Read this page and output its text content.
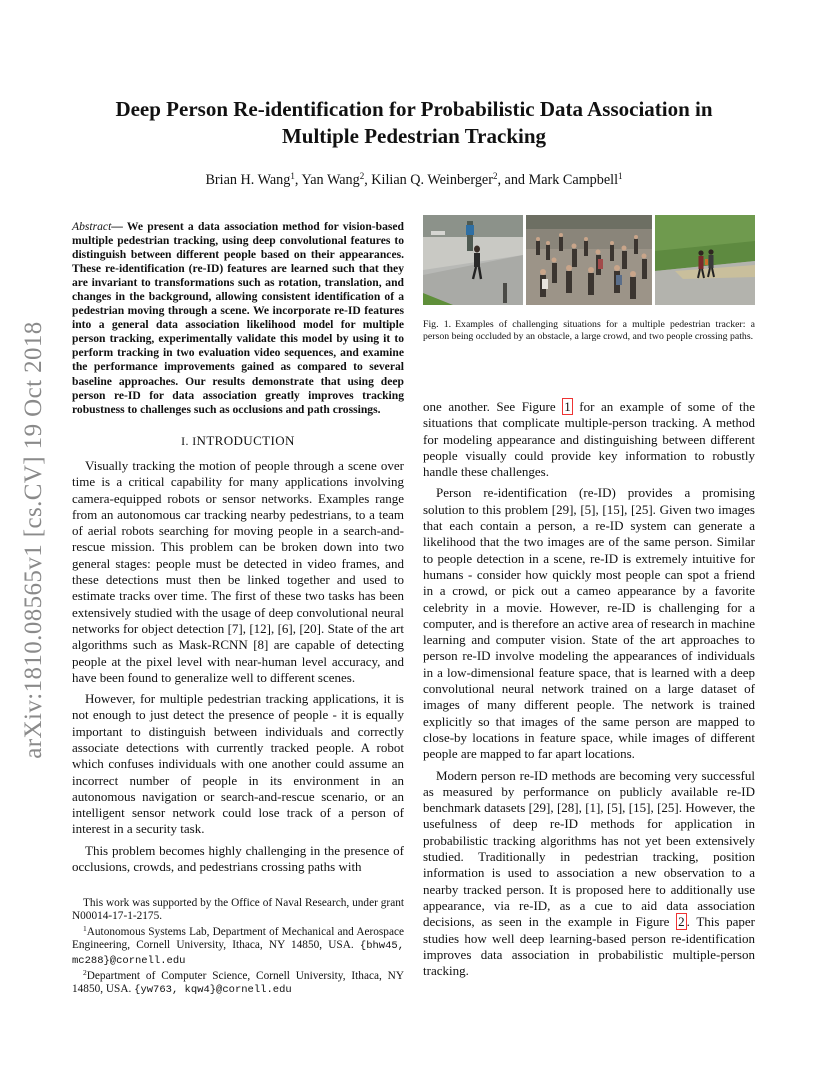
arXiv:1810.08565v1 [cs.CV] 19 Oct 2018
Deep Person Re-identification for Probabilistic Data Association in
Multiple Pedestrian Tracking
Brian H. Wang$^1$, Yan Wang$^2$, Kilian Q. Weinberger$^2$, and Mark Campbell$^1$

Abstract— We present a data association method for vision-based multiple pedestrian tracking, using deep convolutional features to distinguish between different people based on their appearances. These re-identification (re-ID) features are learned such that they are invariant to transformations such as rotation, translation, and changes in the background, allowing consistent identification of a pedestrian moving through a scene. We incorporate re-ID features into a general data association likelihood model for multiple person tracking, experimentally validate this model by using it to perform tracking in two evaluation video sequences, and examine the performance improvements gained as compared to several baseline approaches. Our results demonstrate that using deep person re-ID for data association greatly improves tracking robustness to challenges such as occlusions and path crossings.

I. INTRODUCTION

Visually tracking the motion of people through a scene over time is a critical capability for many applications involving camera-equipped robots or sensor networks. Examples range from an autonomous car tracking nearby pedestrians, to a team of aerial robots searching for moving people in a search-and-rescue mission. This problem can be broken down into two general stages: people must be detected in video frames, and these detections must then be linked together and used to estimate tracks over time. The first of these two tasks has been extensively studied with the usage of deep convolutional neural networks for object detection [7], [12], [6], [20]. State of the art algorithms such as Mask-RCNN [8] are capable of detecting people at the pixel level with near-human level accuracy, and have been found to generalize well to different scenes.

However, for multiple pedestrian tracking applications, it is not enough to just detect the presence of people - it is equally important to distinguish between individuals and correctly associate detections with currently tracked people. A robot which confuses individuals with one another could assume an incorrect number of people in its environment in an autonomous navigation or search-and-rescue scenario, or an intelligent sensor network could lose track of a person of interest in a security task.

This problem becomes highly challenging in the presence of occlusions, crowds, and pedestrians crossing paths with

This work was supported by the Office of Naval Research, under grant N00014-17-1-2175.

$^1$Autonomous Systems Lab, Department of Mechanical and Aerospace Engineering, Cornell University, Ithaca, NY 14850, USA. {bhw45, mc288}@cornell.edu

$^2$Department of Computer Science, Cornell University, Ithaca, NY 14850, USA. {yw763, kqw4}@cornell.edu

Fig. 1. Examples of challenging situations for a multiple pedestrian tracker: a person being occluded by an obstacle, a large crowd, and two people crossing paths.

one another. See Figure 1 for an example of some of the situations that complicate multiple-person tracking. A method for modeling appearance and distinguishing between different people visually could provide key information to robustly handle these challenges.

Person re-identification (re-ID) provides a promising solution to this problem [29], [5], [15], [25]. Given two images that each contain a person, a re-ID system can generate a likelihood that the two images are of the same person. Similar to people detection in a scene, re-ID is extremely intuitive for humans - consider how quickly most people can spot a friend in a crowd, or pick out a cameo appearance by a favorite celebrity in a movie. However, re-ID is challenging for a computer, and is therefore an active area of research in machine learning and computer vision. State of the art approaches to person re-ID involve modeling the appearances of individuals in a low-dimensional feature space, that is learned with a deep convolutional neural network trained on a large dataset of images of many different people. The network is trained explicitly so that images of the same person are mapped to close-by locations in feature space, while images of different people are mapped to far apart locations.

Modern person re-ID methods are becoming very successful as measured by performance on publicly available re-ID benchmark datasets [29], [28], [1], [5], [15], [25]. However, the usefulness of deep re-ID methods for application in probabilistic tracking algorithms has not yet been extensively studied. Traditionally in pedestrian tracking, position information is used to association a new observation to a nearby tracked person. It is proposed here to additionally use appearance, via re-ID, as a cue to aid data association decisions, as seen in the example in Figure 2 . This paper studies how well deep learning-based person re-identification improves data association in probabilistic multiple-person tracking.
